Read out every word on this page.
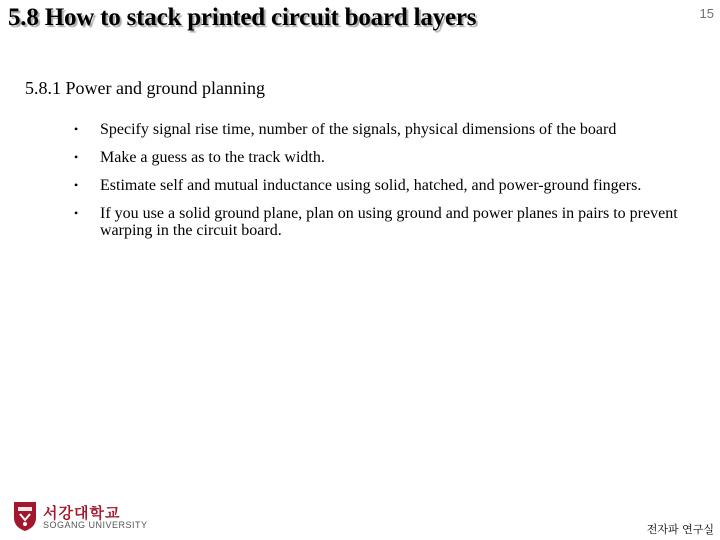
5.8 How to stack printed circuit board layers	15
5.8.1 Power and ground planning
• Specify signal rise time, number of the signals, physical dimensions of the board
• Make a guess as to the track width.
• Estimate self and mutual inductance using solid, hatched, and power-ground fingers.
• If you use a solid ground plane, plan on using ground and power planes in pairs to prevent warping in the circuit board.
서강대학교
SOGANG UNIVERSITY	전자파 연구실
